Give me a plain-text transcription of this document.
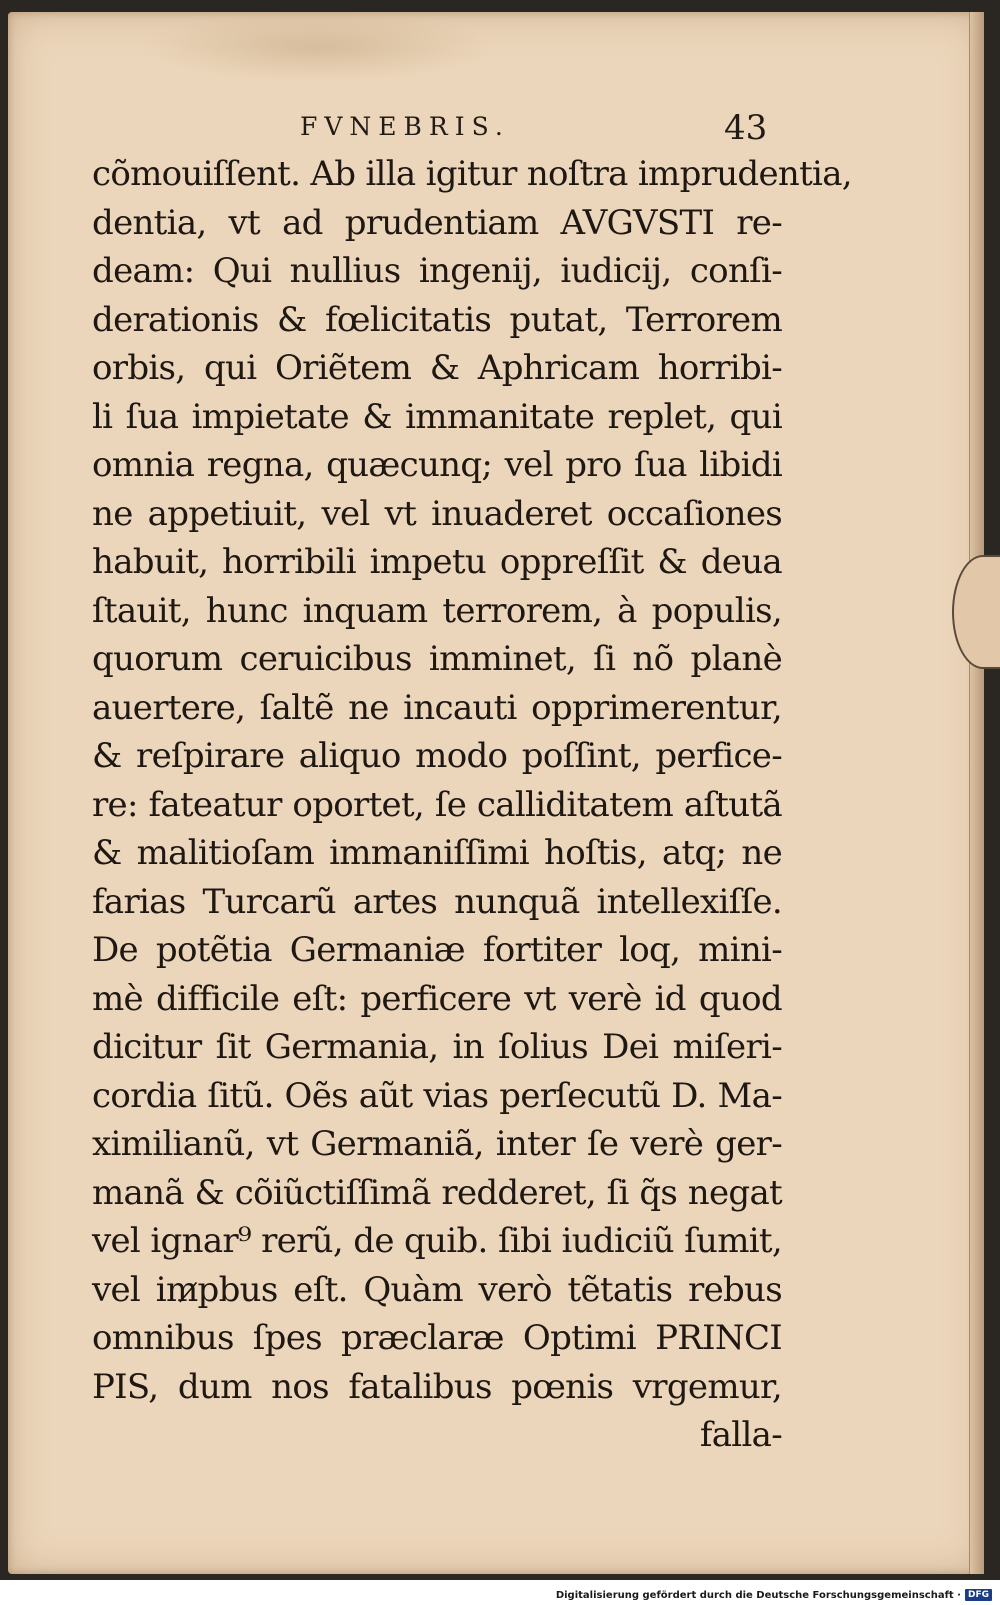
FVNEBRIS.	43
cõmouiſſent. Ab illa igitur noſtra imprudentia,
dentia, vt ad prudentiam AVGVSTI re-
deam: Qui nullius ingenij, iudicij, conſi-
derationis & fœlicitatis putat, Terrorem
orbis, qui Oriẽtem & Aphricam horribi-
li ſua impietate & immanitate replet, qui
omnia regna, quæcunq; vel pro ſua libidi
ne appetiuit, vel vt inuaderet occaſiones
habuit, horribili impetu oppreſſit & deua
ſtauit, hunc inquam terrorem, à populis,
quorum ceruicibus imminet, ſi nõ planè
auertere, ſaltẽ ne incauti opprimerentur,
& reſpirare aliquo modo poſſint, perfice-
re: fateatur oportet, ſe calliditatem aſtutã
& malitioſam immaniſſimi hoſtis, atq; ne
farias Turcarũ artes nunquã intellexiſſe.
De potẽtia Germaniæ fortiter loq, mini-
mè difficile eſt: perficere vt verè id quod
dicitur ſit Germania, in ſolius Dei miſeri-
cordia ſitũ. Oẽs aũt vias perſecutũ D. Ma-
ximilianũ, vt Germaniã, inter ſe verè ger-
manã & cõiũctiſſimã redderet, ſi q̃s negat
vel ignar⁹ rerũ, de quib. ſibi iudiciũ ſumit,
vel im̷pbus eſt. Quàm verò tẽtatis rebus
omnibus ſpes præclaræ Optimi PRINCI
PIS, dum nos fatalibus pœnis vrgemur,
falla-
Digitalisierung gefördert durch die Deutsche Forschungsgemeinschaft · DFG
